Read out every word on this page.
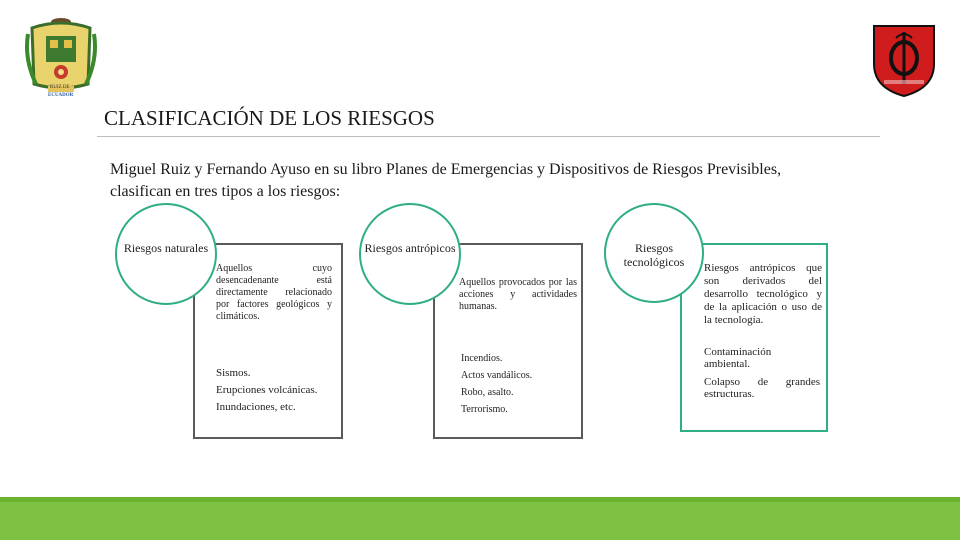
RUIZ DE
ECUADOR
CLASIFICACIÓN DE LOS RIESGOS
Miguel Ruiz y Fernando Ayuso en su libro Planes de Emergencias y Dispositivos de Riesgos Previsibles, clasifican en tres tipos a los riesgos:
Aquellos cuyo desencadenante está directamente relacionado por factores geológicos y climáticos.
Sismos.
Erupciones volcánicas.
Inundaciones, etc.
Riesgos naturales
Aquellos provocados por las acciones y actividades humanas.
Incendios.
Actos vandálicos.
Robo, asalto.
Terrorismo.
Riesgos antrópicos
Riesgos antrópicos que son derivados del desarrollo tecnológico y de la aplicación o uso de la tecnología.
Contaminación ambiental.
Colapso de grandes estructuras.
Riesgos tecnológicos
